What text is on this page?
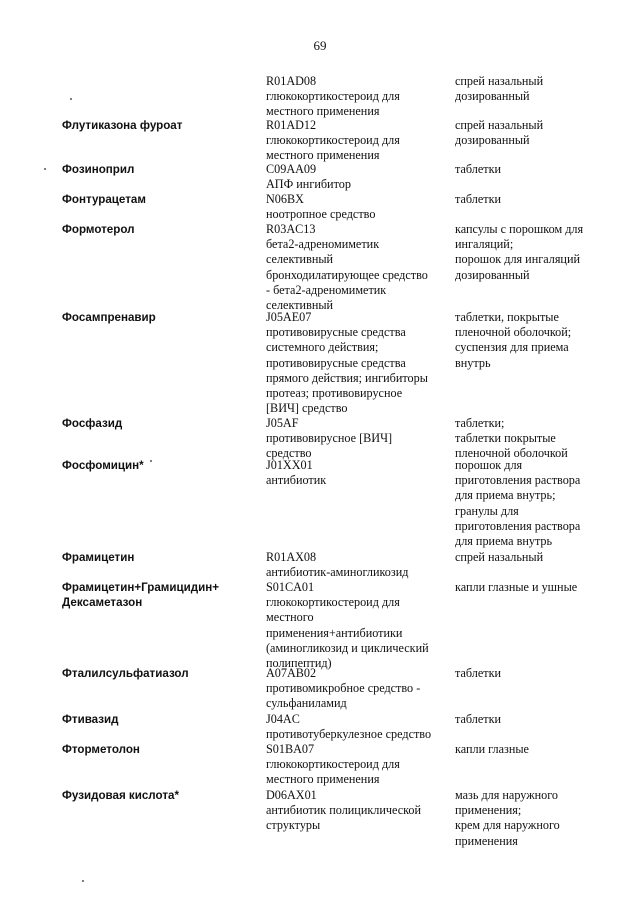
69
R01AD08
глюкокортикостероид для
местного применения
спрей назальный
дозированный
Флутиказона фуроат	R01AD12
глюкокортикостероид для
местного применения
спрей назальный
дозированный
Фозиноприл	C09AA09
АПФ ингибитор
таблетки
Фонтурацетам	N06BX
ноотропное средство
таблетки
Формотерол	R03AC13
бета2-адреномиметик
селективный
бронходилатирующее средство
- бета2-адреномиметик
селективный
капсулы с порошком для
ингаляций;
порошок для ингаляций
дозированный
Фосампренавир	J05AE07
противовирусные средства
системного действия;
противовирусные средства
прямого действия; ингибиторы
протеаз; противовирусное
[ВИЧ] средство
таблетки, покрытые
пленочной оболочкой;
суспензия для приема
внутрь
Фосфазид	J05AF
противовирусное [ВИЧ]
средство
таблетки;
таблетки покрытые
пленочной оболочкой
Фосфомицин*	J01XX01
антибиотик
порошок для
приготовления раствора
для приема внутрь;
гранулы для
приготовления раствора
для приема внутрь
Фрамицетин	R01AX08
антибиотик-аминогликозид
спрей назальный
Фрамицетин+Грамицидин+
Дексаметазон
S01CA01
глюкокортикостероид для
местного
применения+антибиотики
(аминогликозид и циклический
полипептид)
капли глазные и ушные
Фталилсульфатиазол	A07AB02
противомикробное средство -
сульфаниламид
таблетки
Фтивазид	J04AC
противотуберкулезное средство
таблетки
Фторметолон	S01BA07
глюкокортикостероид для
местного применения
капли глазные
Фузидовая кислота*	D06AX01
антибиотик полициклической
структуры
мазь для наружного
применения;
крем для наружного
применения
